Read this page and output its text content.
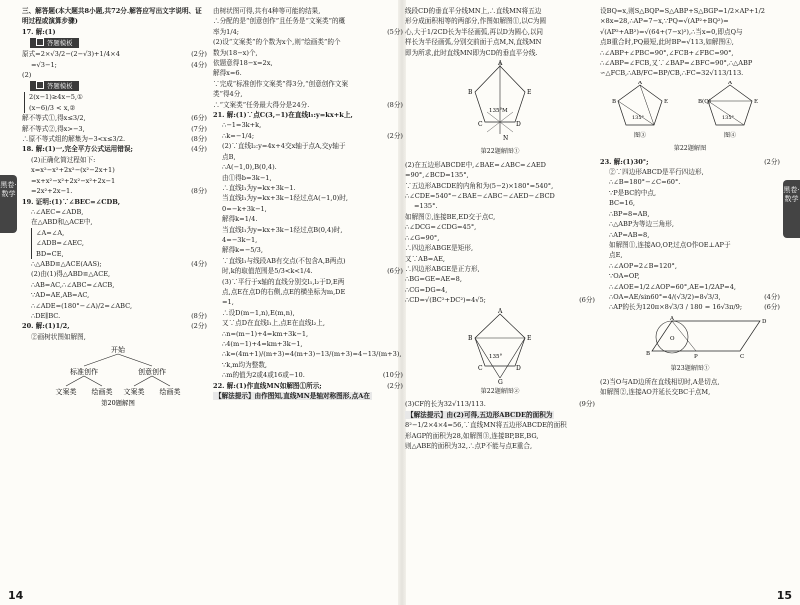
黑卷·数学	黑卷·数学
三、解答题(本大题共8小题,共72分.解答应写出文字说明、证明过程或演算步骤)
17. 解:(1)
答题模板
原式=2×√3/2−(2−√3)+1/4×4	(2分)
=√3−1;	(4分)
(2)
答题模板
2(x−1)≥4x−5,①
(x−6)/3 < x,②
解不等式①,得x≤3/2,	(6分)
解不等式②,得x>−3,	(7分)
∴原不等式组的解集为−3<x≤3/2.	(8分)
18. 解:(1)一,完全平方公式运用错误;	(4分)
(2)正确化简过程如下:
x=x²−x²+2x²−(x²−2x+1)
=x+x²−x²+2x²−x²+2x−1
=2x²+2x−1.	(8分)
19. 证明:(1)∵∠BEC=∠CDB,
∴∠AEC=∠ADB,
在△ABD和△ACE中,
∠A=∠A,
∠ADB=∠AEC,
BD=CE,
∴△ABD≌△ACE(AAS);	(4分)
(2)由(1)得△ABD≌△ACE,
∴AB=AC,∴∠ABC=∠ACB,
∵AD=AE,AB=AC,
∴∠ADE=(180°−∠A)/2=∠ABC,
∴DE∥BC.	(8分)
20. 解:(1)1/2,	(2分)
②画树状图如解图,
开始
标准创作	创意创作
文案类 绘画类 文案类 绘画类
第20题解图
由树状图可得,共有4种等可能的结果,
∴分配的是“创意创作”且任务是“文案类”的概
率为1/4;	(5分)
(2)设“文案类”的个数为x个,则“绘画类”的个
数为(18−x)个,
依题意得18−x=2x,
解得x=6.
∵完成“标准创作文案类”得3分,“创意创作文案
类”得4分,
∴“文案类”任务最大得分是24分.	(8分)
21. 解:(1)∵点C(3,−1)在直线l₁:y=kx+k上,
∴−1=3k+k,
∴k=−1/4;	(2分)
(2)∵直线l₂:y=4x+4交x轴于点A,交y轴于
点B,
∴A(−1,0),B(0,4).
由①得b=3k−1,
∴直线l₁为y=kx+3k−1.
当直线l₁为y=kx+3k−1经过点A(−1,0)时,
0=−k+3k−1,
解得k=1/4.
当直线l₁为y=kx+3k−1经过点B(0,4)时,
4=−3k−1,
解得k=−5/3,
∵直线l₁与线段AB有交点(不包含A,B两点)
时,k的取值范围是5/3<k<1/4.	(6分)
(3)∵平行于x轴的直线分别交l₁,l₂于D,E两
点,点E在点D的右侧,点E的横坐标为m,DE
=1,
∴设D(m−1,n),E(m,n),
又∵点D在直线l₁上,点E在直线l₂上,
∴n=(m−1)+4=km+3k−1,
∴4(m−1)+4=km+3k−1,
∴k=(4m+1)/(m+3)=4(m+3)−13/(m+3)=4−13/(m+3),
∵k,m均为整数,
∴m的值为2或4或16或−10.	(10分)
22. 解:(1)作直线MN如解图①所示;	(2分)
【解法提示】由作图知,直线MN是轴对称图形,点A在
线段CD的垂直平分线MN上,∴直线MN将五边
形分成面积相等的两部分,作图如解图①,以C为圆
心,大于1/2CD长为半径画弧,再以D为圆心,以同
样长为半径画弧,分别交前面于点M,N,直线MN
即为所求,此时直线MN即为CD的垂直平分线.
A
B	E
C	D
135°
N
M
第22题解图①
(2)在五边形ABCDE中,∠BAE=∠ABC=∠AED
=90°,∠BCD=135°,
∵五边形ABCDE的内角和为(5−2)×180°=540°,
∴∠CDE=540°−∠BAE−∠ABC−∠AED−∠BCD
=135°.
如解图②,连接BE,ED交于点C,
∴∠DCG=∠CDG=45°,
∴∠G=90°,
∴四边形ABGE是矩形,
又∵AB=AE,
∴四边形ABGE是正方形,
∴BG=GE=AE=8,
∴CG=DG=4,
∴CD=√(BC²+DC²)=4√5;	(6分)
A
B	E
C	D
G
135°
第22题解图②
(3)CF的长为32√113/113.	(9分)
【解法提示】由(2)可得,五边形ABCDE的面积为
8²−1/2×4×4=56,∵直线MN将五边形ABCDE的面积
形AGP的面积为28,如解图③,连接BP,BE,BG,
则△ABE的面积为32,∴点P不能与点E重合,
设BQ=x,则S△BQP=S△ABP+S△BGP=1/2×AP+1/2
×8x=28,∴AP=7−x,∵PQ=√(AP²+BQ²)=
√(AP²+AB²)=√(64+(7−x)²),∴当x=0,即点Q与
点B重合时,PQ最短,此时BP=√113,如解图④,
∴∠ABP+∠PBC=90°,∠FCB+∠FBC=90°,
∴∠ABP=∠FCB,又∵∠BAP=∠BFC=90°,∴△ABP
∽△FCB,∴AB/FC=BP/CB,∴FC=32√113/113.
A
B	E
135°
图③
A
B(Q)	E
135°
图④
第22题解图
23. 解:(1)30°;	(2分)
②∵四边形ABCD是平行四边形,
∴∠B=180°−∠C=60°.
∵P是BC的中点,
BC=16,
∴BP=8=AB,
∴△ABP为等边三角形,
∴AP=AB=8,
如解图①,连接AO,OP,过点O作OE⊥AP于
点E,
∴∠AOP=2∠B=120°,
∵OA=OP,
∴∠AOE=1/2∠AOP=60°,AE=1/2AP=4,
∴OA=AE/sin60°=4/(√3/2)=8√3/3,	(4分)
∴AP的长为120π×8√3/3 / 180 = 16√3π/9;	(6分)
A	D
B	P	C
O
第23题解图①
(2)当O与AD边所在直线相切时,A是切点,
如解图②,连接AO并延长交BC于点M,
14	15
